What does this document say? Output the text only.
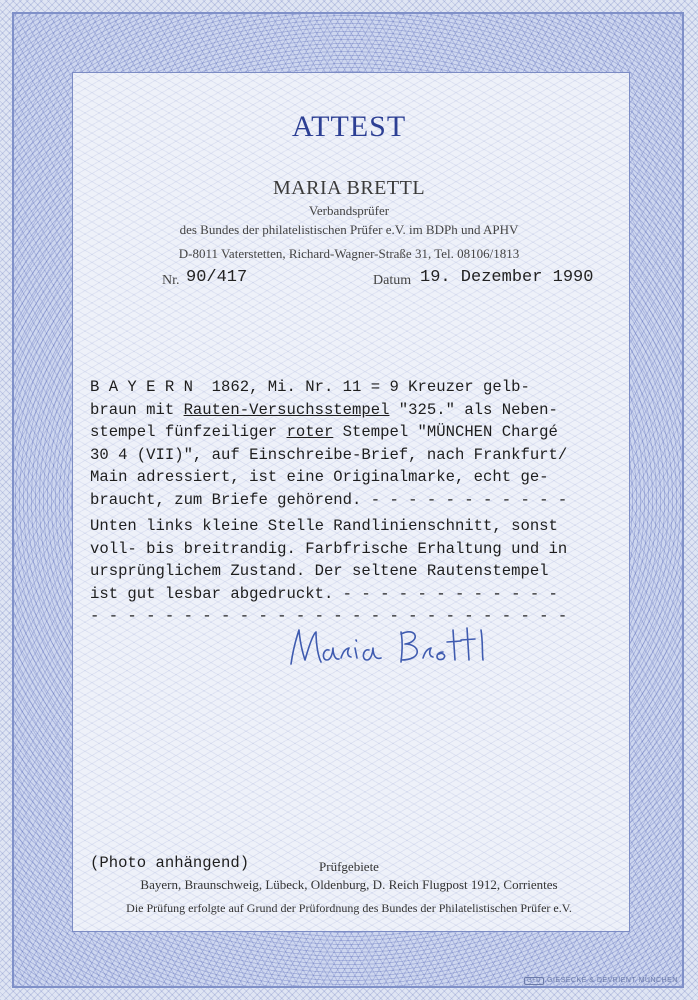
ATTEST
MARIA BRETTL
Verbandsprüfer
des Bundes der philatelistischen Prüfer e.V. im BDPh und APHV
D-8011 Vaterstetten, Richard-Wagner-Straße 31, Tel. 08106/1813
Nr. 90/417	Datum 19. Dezember 1990
B A Y E R N  1862, Mi. Nr. 11 = 9 Kreuzer gelb-
braun mit Rauten-Versuchsstempel "325." als Neben-
stempel fünfzeiliger roter Stempel "MÜNCHEN Chargé
30 4 (VII)", auf Einschreibe-Brief, nach Frankfurt/
Main adressiert, ist eine Originalmarke, echt ge-
braucht, zum Briefe gehörend. - - - - - - - - - - -
Unten links kleine Stelle Randlinienschnitt, sonst
voll- bis breitrandig. Farbfrische Erhaltung und in
ursprünglichem Zustand. Der seltene Rautenstempel
ist gut lesbar abgedruckt. - - - - - - - - - - - -
- - - - - - - - - - - - - - - - - - - - - - - - - -
(Photo anhängend)	Prüfgebiete
Bayern, Braunschweig, Lübeck, Oldenburg, D. Reich Flugpost 1912, Corrientes
Die Prüfung erfolgte auf Grund der Prüfordnung des Bundes der Philatelistischen Prüfer e.V.
G+D GIESECKE & DEVRIENT MÜNCHEN
